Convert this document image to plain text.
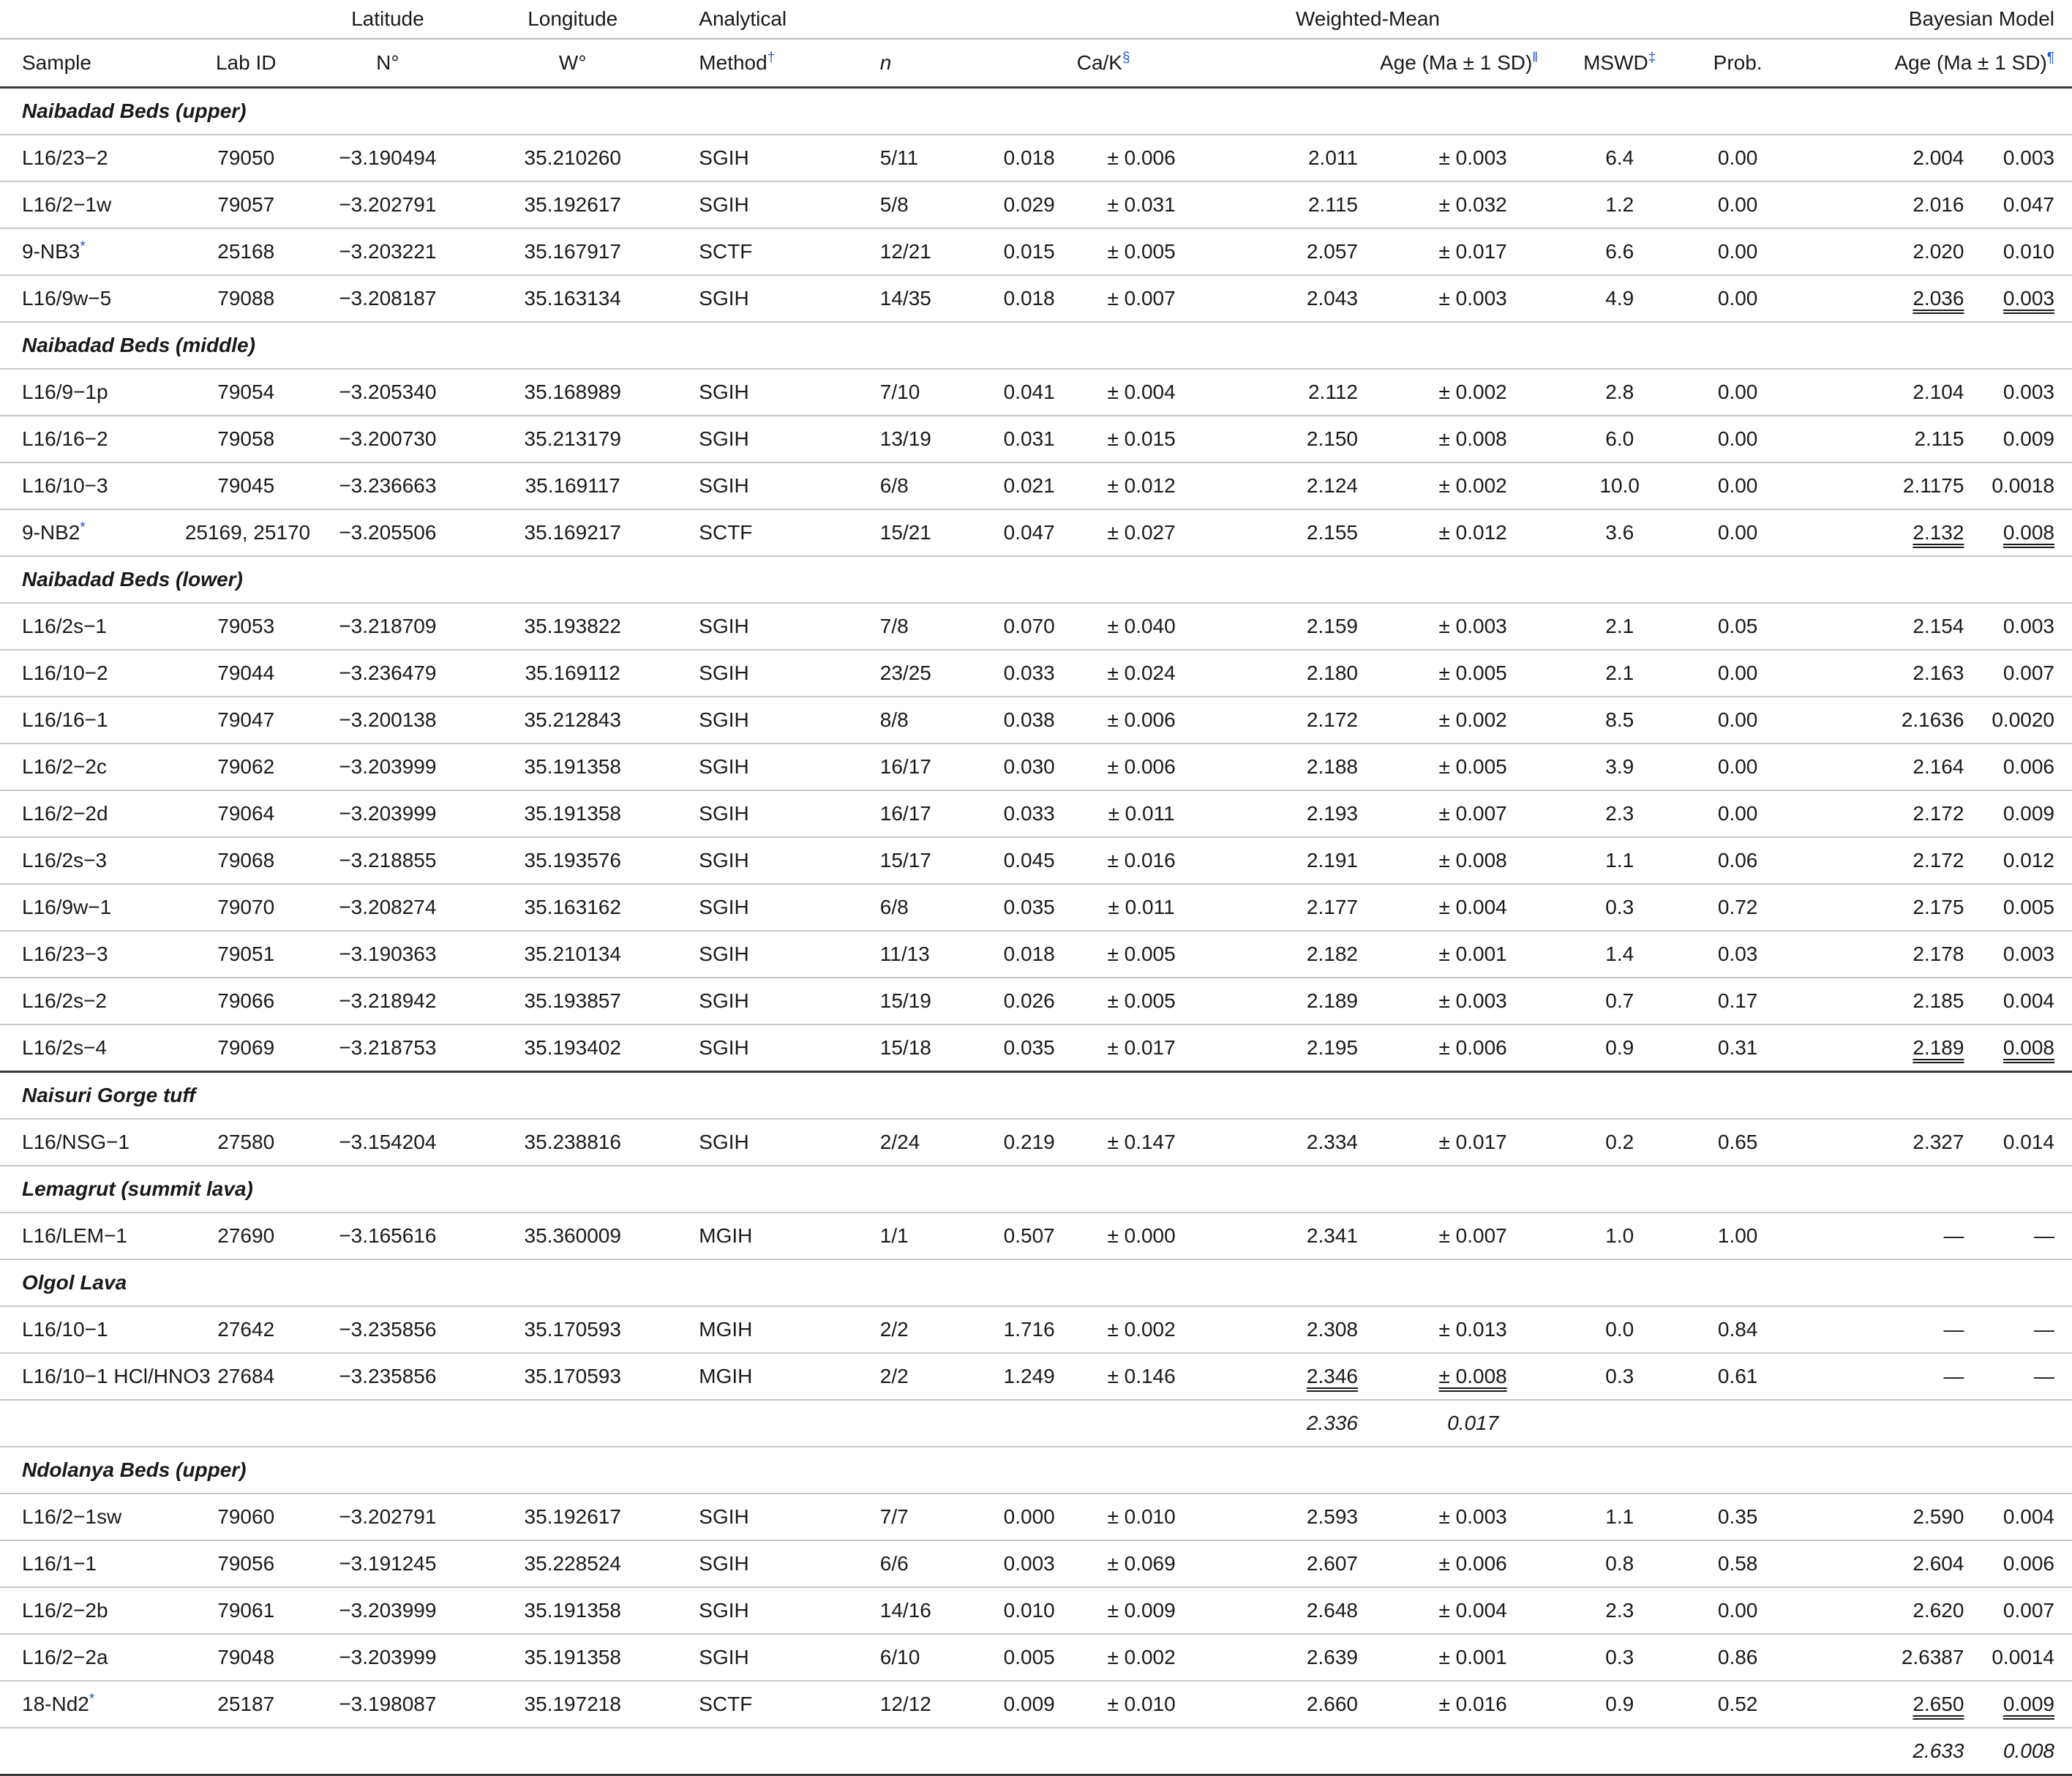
		Latitude	Longitude	Analytical			Weighted-Mean					Bayesian Model	
Sample	Lab ID	N°	W°	Method†	n		Ca/K§		Age (Ma ± 1 SD)‖	MSWD‡	Prob.	Age (Ma ± 1 SD)¶
Naibadad Beds (upper)													
L16/23−2	79050	−3.190494	35.210260	SGIH	5/11	0.018	± 0.006	2.011	± 0.003	6.4	0.00	2.004	0.003
L16/2−1w	79057	−3.202791	35.192617	SGIH	5/8	0.029	± 0.031	2.115	± 0.032	1.2	0.00	2.016	0.047
9-NB3*	25168	−3.203221	35.167917	SCTF	12/21	0.015	± 0.005	2.057	± 0.017	6.6	0.00	2.020	0.010
L16/9w−5	79088	−3.208187	35.163134	SGIH	14/35	0.018	± 0.007	2.043	± 0.003	4.9	0.00	2.036	0.003
Naibadad Beds (middle)													
L16/9−1p	79054	−3.205340	35.168989	SGIH	7/10	0.041	± 0.004	2.112	± 0.002	2.8	0.00	2.104	0.003
L16/16−2	79058	−3.200730	35.213179	SGIH	13/19	0.031	± 0.015	2.150	± 0.008	6.0	0.00	2.115	0.009
L16/10−3	79045	−3.236663	35.169117	SGIH	6/8	0.021	± 0.012	2.124	± 0.002	10.0	0.00	2.1175	0.0018
9-NB2*	25169, 25170	−3.205506	35.169217	SCTF	15/21	0.047	± 0.027	2.155	± 0.012	3.6	0.00	2.132	0.008
Naibadad Beds (lower)													
L16/2s−1	79053	−3.218709	35.193822	SGIH	7/8	0.070	± 0.040	2.159	± 0.003	2.1	0.05	2.154	0.003
L16/10−2	79044	−3.236479	35.169112	SGIH	23/25	0.033	± 0.024	2.180	± 0.005	2.1	0.00	2.163	0.007
L16/16−1	79047	−3.200138	35.212843	SGIH	8/8	0.038	± 0.006	2.172	± 0.002	8.5	0.00	2.1636	0.0020
L16/2−2c	79062	−3.203999	35.191358	SGIH	16/17	0.030	± 0.006	2.188	± 0.005	3.9	0.00	2.164	0.006
L16/2−2d	79064	−3.203999	35.191358	SGIH	16/17	0.033	± 0.011	2.193	± 0.007	2.3	0.00	2.172	0.009
L16/2s−3	79068	−3.218855	35.193576	SGIH	15/17	0.045	± 0.016	2.191	± 0.008	1.1	0.06	2.172	0.012
L16/9w−1	79070	−3.208274	35.163162	SGIH	6/8	0.035	± 0.011	2.177	± 0.004	0.3	0.72	2.175	0.005
L16/23−3	79051	−3.190363	35.210134	SGIH	11/13	0.018	± 0.005	2.182	± 0.001	1.4	0.03	2.178	0.003
L16/2s−2	79066	−3.218942	35.193857	SGIH	15/19	0.026	± 0.005	2.189	± 0.003	0.7	0.17	2.185	0.004
L16/2s−4	79069	−3.218753	35.193402	SGIH	15/18	0.035	± 0.017	2.195	± 0.006	0.9	0.31	2.189	0.008
Naisuri Gorge tuff													
L16/NSG−1	27580	−3.154204	35.238816	SGIH	2/24	0.219	± 0.147	2.334	± 0.017	0.2	0.65	2.327	0.014
Lemagrut (summit lava)													
L16/LEM−1	27690	−3.165616	35.360009	MGIH	1/1	0.507	± 0.000	2.341	± 0.007	1.0	1.00	—	—
Olgol Lava													
L16/10−1	27642	−3.235856	35.170593	MGIH	2/2	1.716	± 0.002	2.308	± 0.013	0.0	0.84	—	—
L16/10−1 HCl/HNO3	27684	−3.235856	35.170593	MGIH	2/2	1.249	± 0.146	2.346	± 0.008	0.3	0.61	—	—
								2.336	0.017				
Ndolanya Beds (upper)													
L16/2−1sw	79060	−3.202791	35.192617	SGIH	7/7	0.000	± 0.010	2.593	± 0.003	1.1	0.35	2.590	0.004
L16/1−1	79056	−3.191245	35.228524	SGIH	6/6	0.003	± 0.069	2.607	± 0.006	0.8	0.58	2.604	0.006
L16/2−2b	79061	−3.203999	35.191358	SGIH	14/16	0.010	± 0.009	2.648	± 0.004	2.3	0.00	2.620	0.007
L16/2−2a	79048	−3.203999	35.191358	SGIH	6/10	0.005	± 0.002	2.639	± 0.001	0.3	0.86	2.6387	0.0014
18-Nd2*	25187	−3.198087	35.197218	SCTF	12/12	0.009	± 0.010	2.660	± 0.016	0.9	0.52	2.650	0.009
												2.633	0.008
